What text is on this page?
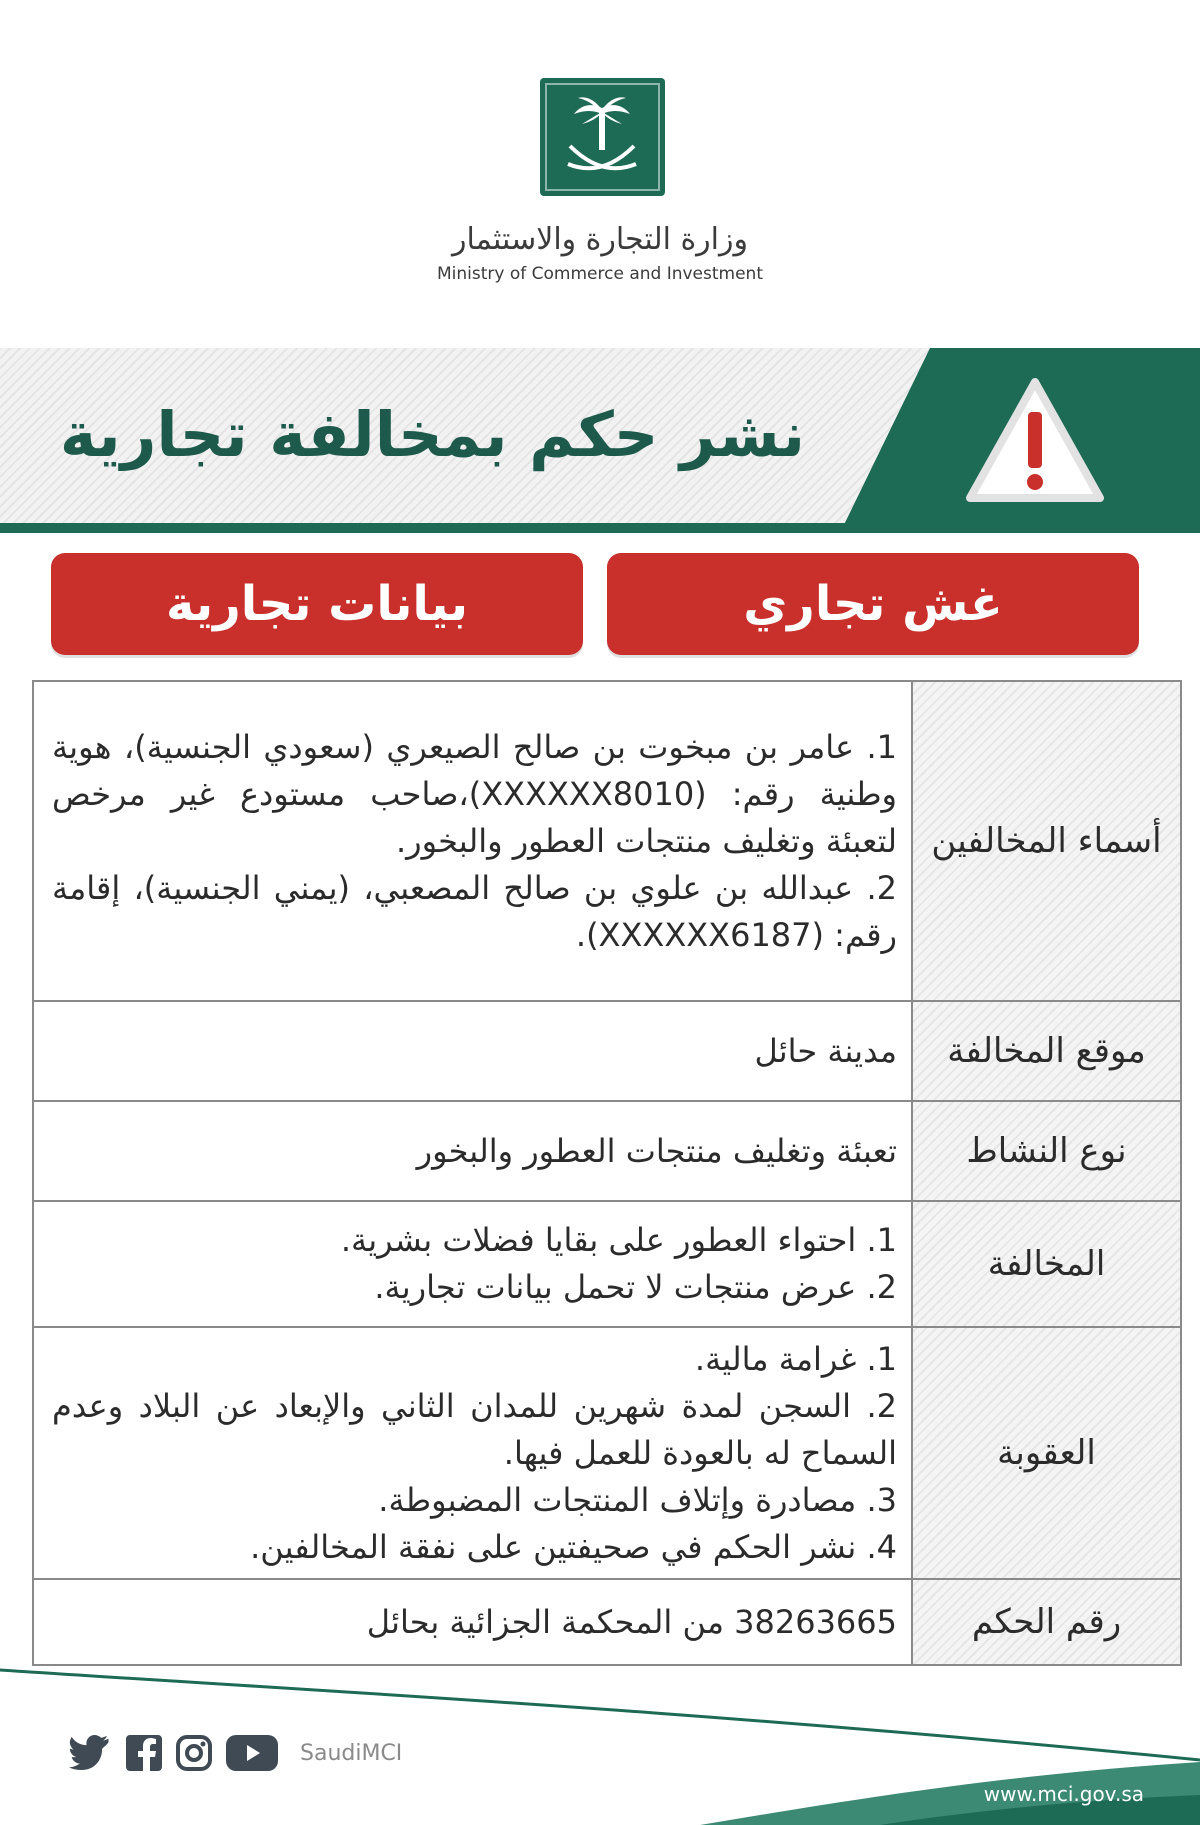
وزارة التجارة والاستثمار
Ministry of Commerce and Investment
نشر حكم بمخالفة تجارية
غش تجاري
بيانات تجارية
أسماء المخالفين	1. عامر بن مبخوت بن صالح الصيعري (سعودي الجنسية)، هوية وطنية رقم: (XXXXXX8010)،صاحب مستودع غير مرخص لتعبئة وتغليف منتجات العطور والبخور.
2. عبدالله بن علوي بن صالح المصعبي، (يمني الجنسية)، إقامة رقم: (XXXXXX6187).

موقع المخالفة	مدينة حائل

نوع النشاط	تعبئة وتغليف منتجات العطور والبخور

المخالفة	1. احتواء العطور على بقايا فضلات بشرية.
2. عرض منتجات لا تحمل بيانات تجارية.

العقوبة	1. غرامة مالية.
2. السجن لمدة شهرين للمدان الثاني والإبعاد عن البلاد وعدم السماح له بالعودة للعمل فيها.
3. مصادرة وإتلاف المنتجات المضبوطة.
4. نشر الحكم في صحيفتين على نفقة المخالفين.

رقم الحكم	38263665 من المحكمة الجزائية بحائل
SaudiMCI
www.mci.gov.sa
